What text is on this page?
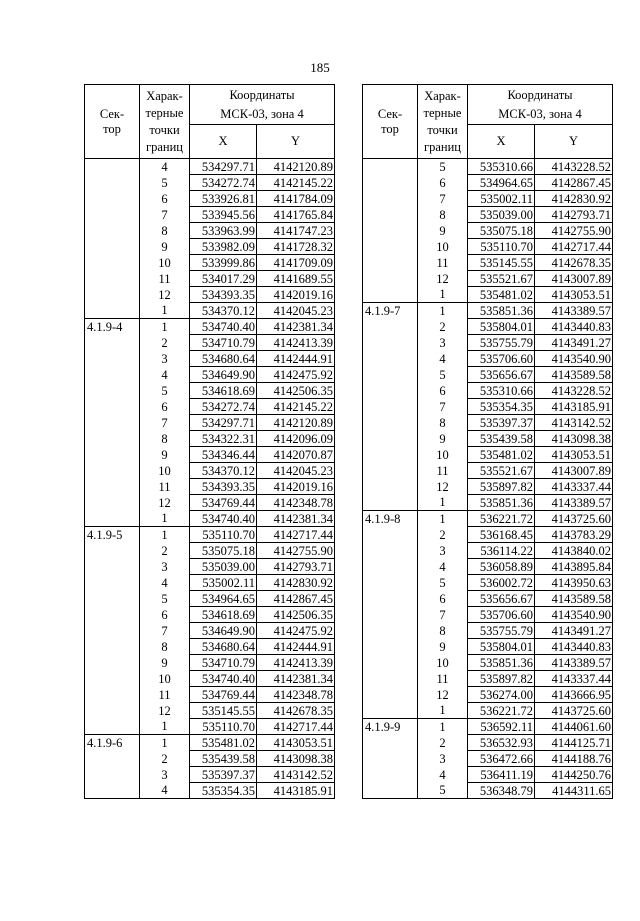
185
Сек-
тор	Харак-
терные
точки
границ	Координаты
МСК-03, зона 4	
		X	Y
	4	534297.71	4142120.89
	5	534272.74	4142145.22
	6	533926.81	4141784.09
	7	533945.56	4141765.84
	8	533963.99	4141747.23
	9	533982.09	4141728.32
	10	533999.86	4141709.09
	11	534017.29	4141689.55
	12	534393.35	4142019.16
	1	534370.12	4142045.23
4.1.9-4	1	534740.40	4142381.34
	2	534710.79	4142413.39
	3	534680.64	4142444.91
	4	534649.90	4142475.92
	5	534618.69	4142506.35
	6	534272.74	4142145.22
	7	534297.71	4142120.89
	8	534322.31	4142096.09
	9	534346.44	4142070.87
	10	534370.12	4142045.23
	11	534393.35	4142019.16
	12	534769.44	4142348.78
	1	534740.40	4142381.34
4.1.9-5	1	535110.70	4142717.44
	2	535075.18	4142755.90
	3	535039.00	4142793.71
	4	535002.11	4142830.92
	5	534964.65	4142867.45
	6	534618.69	4142506.35
	7	534649.90	4142475.92
	8	534680.64	4142444.91
	9	534710.79	4142413.39
	10	534740.40	4142381.34
	11	534769.44	4142348.78
	12	535145.55	4142678.35
	1	535110.70	4142717.44
4.1.9-6	1	535481.02	4143053.51
	2	535439.58	4143098.38
	3	535397.37	4143142.52
	4	535354.35	4143185.91
Сек-
тор	Харак-
терные
точки
границ	Координаты
МСК-03, зона 4	
		X	Y
	5	535310.66	4143228.52
	6	534964.65	4142867.45
	7	535002.11	4142830.92
	8	535039.00	4142793.71
	9	535075.18	4142755.90
	10	535110.70	4142717.44
	11	535145.55	4142678.35
	12	535521.67	4143007.89
	1	535481.02	4143053.51
4.1.9-7	1	535851.36	4143389.57
	2	535804.01	4143440.83
	3	535755.79	4143491.27
	4	535706.60	4143540.90
	5	535656.67	4143589.58
	6	535310.66	4143228.52
	7	535354.35	4143185.91
	8	535397.37	4143142.52
	9	535439.58	4143098.38
	10	535481.02	4143053.51
	11	535521.67	4143007.89
	12	535897.82	4143337.44
	1	535851.36	4143389.57
4.1.9-8	1	536221.72	4143725.60
	2	536168.45	4143783.29
	3	536114.22	4143840.02
	4	536058.89	4143895.84
	5	536002.72	4143950.63
	6	535656.67	4143589.58
	7	535706.60	4143540.90
	8	535755.79	4143491.27
	9	535804.01	4143440.83
	10	535851.36	4143389.57
	11	535897.82	4143337.44
	12	536274.00	4143666.95
	1	536221.72	4143725.60
4.1.9-9	1	536592.11	4144061.60
	2	536532.93	4144125.71
	3	536472.66	4144188.76
	4	536411.19	4144250.76
	5	536348.79	4144311.65
